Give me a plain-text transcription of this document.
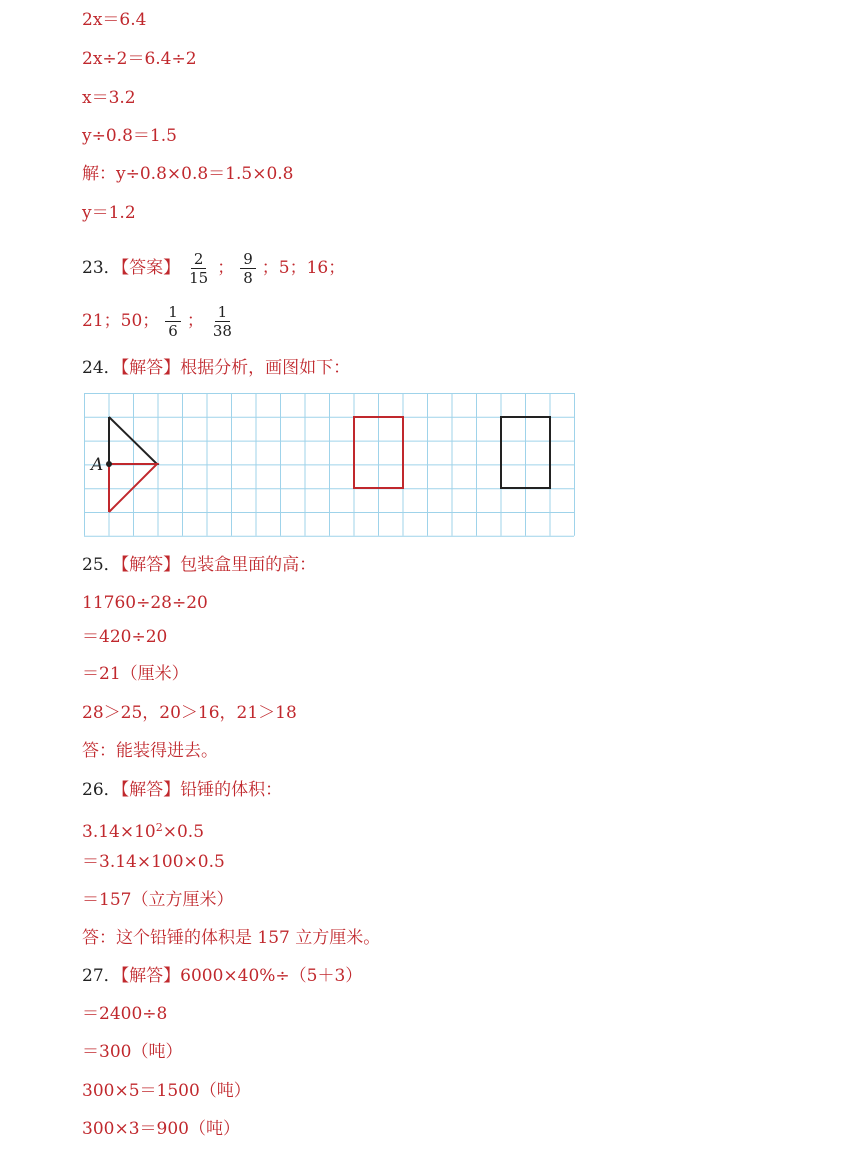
2x＝6.4
2x÷2＝6.4÷2
x＝3.2
y÷0.8＝1.5
解：y÷0.8×0.8＝1.5×0.8
y＝1.2
23．【答案】 $\frac{2}{15}$ ； $\frac{9}{8}$ ；5；16；
21；50； $\frac{1}{6}$ ； $\frac{1}{38}$
24．【解答】根据分析，画图如下：
A
25．【解答】包装盒里面的高：
11760÷28÷20
＝420÷20
＝21（厘米）
28＞25，20＞16，21＞18
答：能装得进去。
26．【解答】铅锤的体积：
$3.14\times 10^2\times 0.5$
＝3.14×100×0.5
＝157（立方厘米）
答：这个铅锤的体积是 157 立方厘米。
27．【解答】6000×40%÷（5＋3）
＝2400÷8
＝300（吨）
300×5＝1500（吨）
300×3＝900（吨）
